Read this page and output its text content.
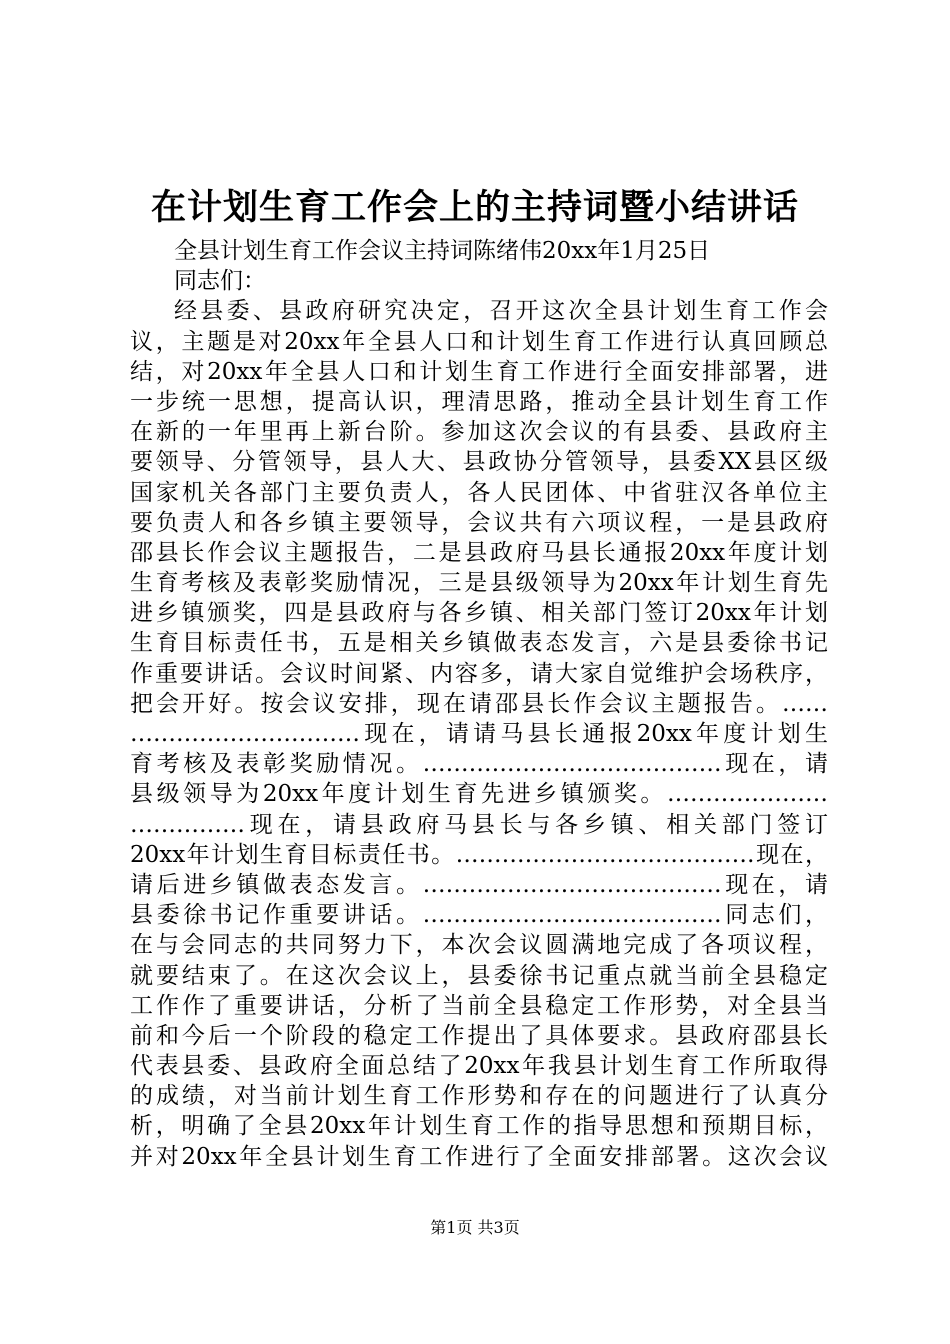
在计划生育工作会上的主持词暨小结讲话
全县计划生育工作会议主持词陈绪伟20xx年1月25日
同志们：
经县委、县政府研究决定，召开这次全县计划生育工作会
议，主题是对20xx年全县人口和计划生育工作进行认真回顾总
结，对20xx年全县人口和计划生育工作进行全面安排部署，进
一步统一思想，提高认识，理清思路，推动全县计划生育工作
在新的一年里再上新台阶。参加这次会议的有县委、县政府主
要领导、分管领导，县人大、县政协分管领导，县委XX县区级
国家机关各部门主要负责人，各人民团体、中省驻汉各单位主
要负责人和各乡镇主要领导，会议共有六项议程，一是县政府
邵县长作会议主题报告，二是县政府马县长通报20xx年度计划
生育考核及表彰奖励情况，三是县级领导为20xx年计划生育先
进乡镇颁奖，四是县政府与各乡镇、相关部门签订20xx年计划
生育目标责任书，五是相关乡镇做表态发言，六是县委徐书记
作重要讲话。会议时间紧、内容多，请大家自觉维护会场秩序，
把会开好。按会议安排，现在请邵县长作会议主题报告。……
…………………………现在，请请马县长通报20xx年度计划生
育考核及表彰奖励情况。…………………………………现在，请
县级领导为20xx年度计划生育先进乡镇颁奖。…………………
……………现在，请县政府马县长与各乡镇、相关部门签订
20xx年计划生育目标责任书。…………………………………现在，
请后进乡镇做表态发言。…………………………………现在，请
县委徐书记作重要讲话。…………………………………同志们，
在与会同志的共同努力下，本次会议圆满地完成了各项议程，
就要结束了。在这次会议上，县委徐书记重点就当前全县稳定
工作作了重要讲话，分析了当前全县稳定工作形势，对全县当
前和今后一个阶段的稳定工作提出了具体要求。县政府邵县长
代表县委、县政府全面总结了20xx年我县计划生育工作所取得
的成绩，对当前计划生育工作形势和存在的问题进行了认真分
析，明确了全县20xx年计划生育工作的指导思想和预期目标，
并对20xx年全县计划生育工作进行了全面安排部署。这次会议
第1页 共3页
